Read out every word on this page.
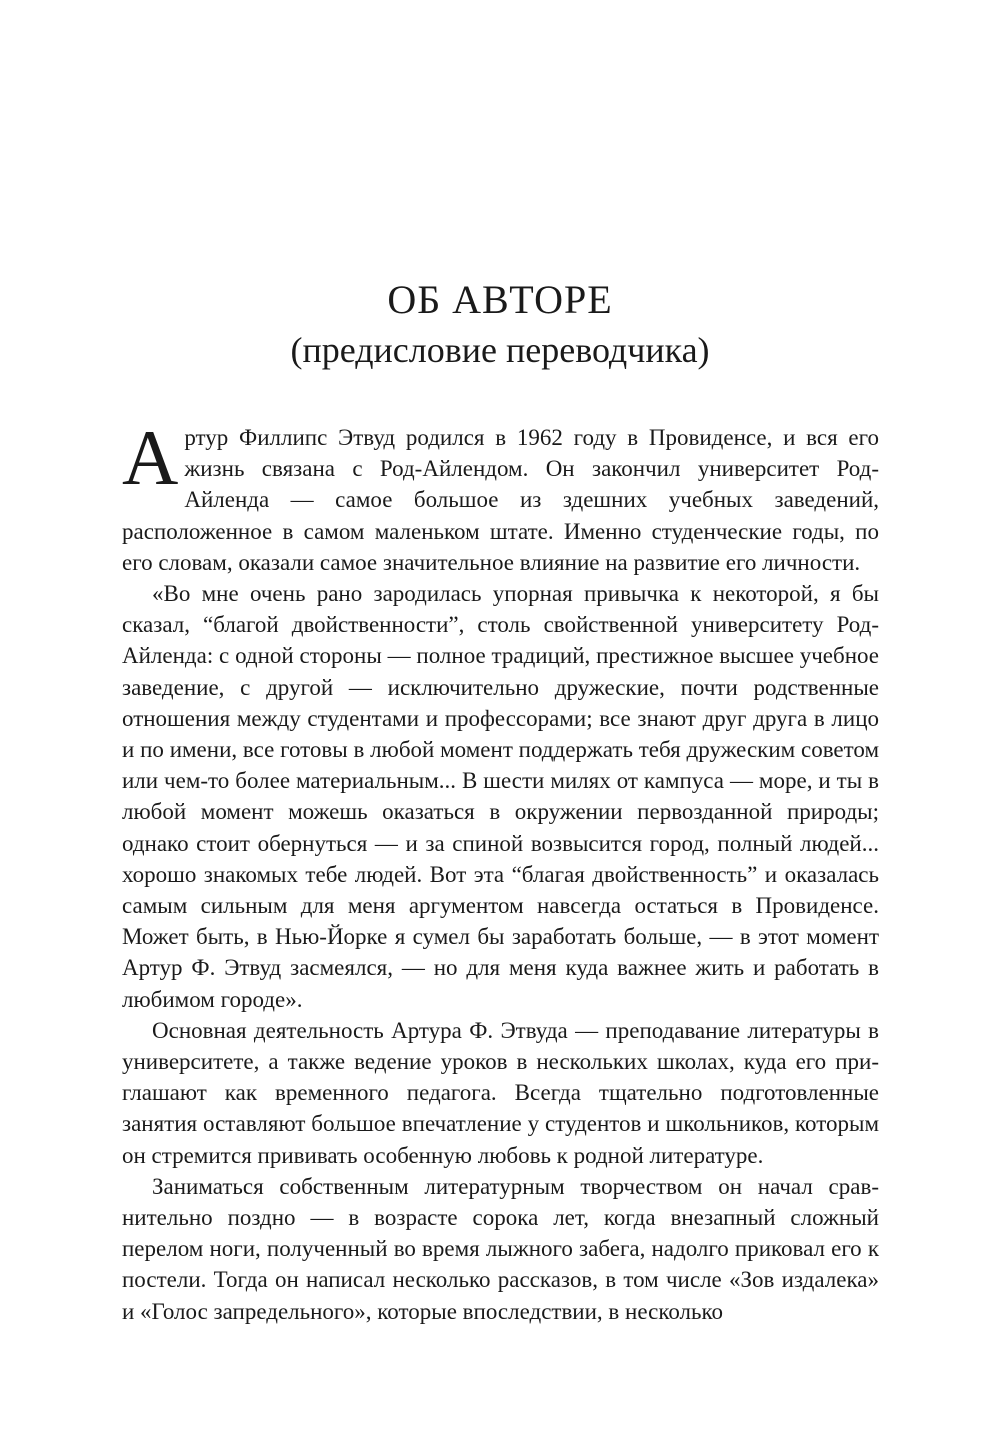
ОБ АВТОРЕ
(предисловие переводчика)

А ртур Филлипс Этвуд родился в 1962 году в Провиденсе, и вся его жизнь связана с Род-Айлендом. Он закончил университет Род-Айленда — самое большое из здешних учебных заведений, расположенное в самом маленьком штате. Именно студенческие годы, по его словам, оказали самое значительное влияние на развитие его личности.

«Во мне очень рано зародилась упорная привычка к некоторой, я бы сказал, “благой двойственности”, столь свойственной университету Род-Айленда: с одной стороны — полное традиций, престижное высшее учебное заведение, с другой — исключительно дружеские, почти родственные отношения между студентами и профессорами; все знают друг друга в лицо и по имени, все готовы в любой момент поддержать тебя дружеским советом или чем-то более материальным... В шести милях от кампуса — море, и ты в любой момент можешь оказаться в окружении первозданной природы; однако стоит обернуться — и за спиной возвысится город, полный людей... хорошо знакомых тебе людей. Вот эта “благая двойственность” и оказалась самым сильным для меня аргументом навсегда остаться в Провиденсе. Может быть, в Нью-Йорке я сумел бы заработать больше, — в этот момент Артур Ф. Этвуд засмеялся, — но для меня куда важнее жить и работать в любимом городе».

Основная деятельность Артура Ф. Этвуда — преподавание литературы в университете, а также ведение уроков в нескольких школах, куда его приглашают как временного педагога. Всегда тщательно подготовленные занятия оставляют большое впечатление у студентов и школьников, которым он стремится прививать особенную любовь к родной литературе.

Заниматься собственным литературным творчеством он начал сравнительно поздно — в возрасте сорока лет, когда внезапный сложный перелом ноги, полученный во время лыжного забега, надолго приковал его к постели. Тогда он написал несколько рассказов, в том числе «Зов издалека» и «Голос запредельного», которые впоследствии, в несколько
